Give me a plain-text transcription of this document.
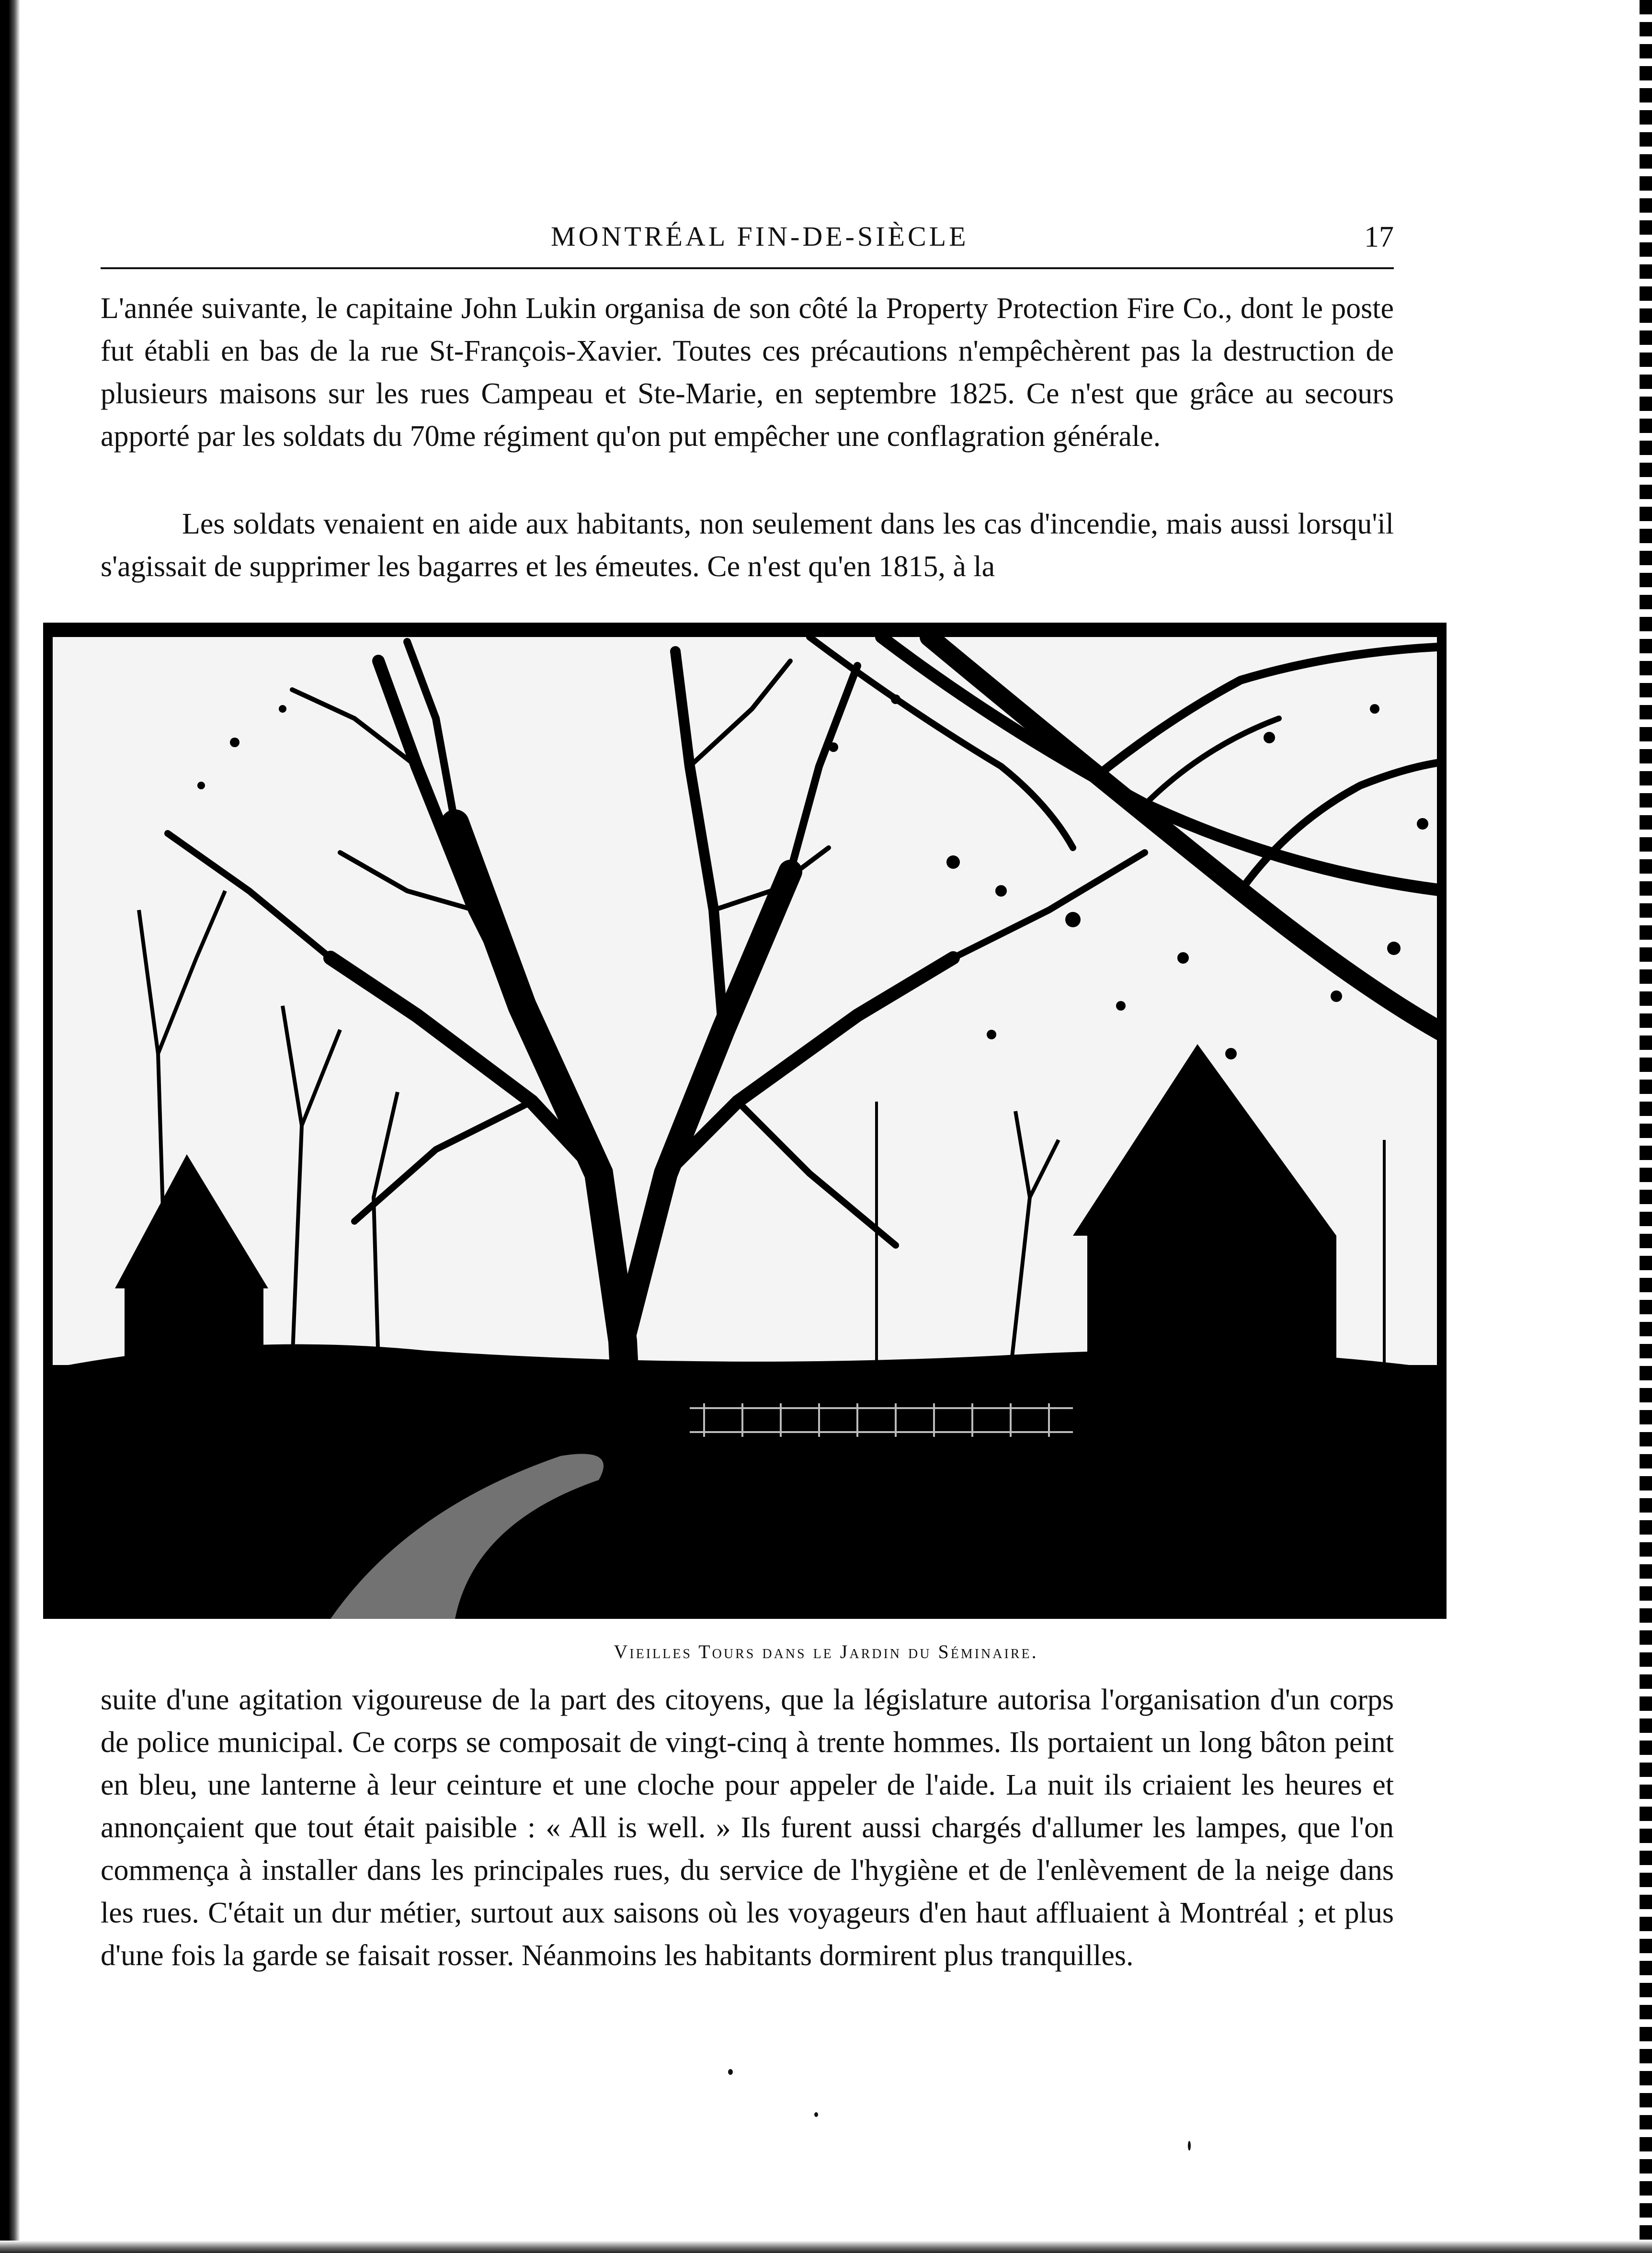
MONTRÉAL FIN-DE-SIÈCLE	17

L'année suivante, le capitaine John Lukin organisa de son côté la Property Protection Fire Co., dont le poste fut établi en bas de la rue St-François-Xavier. Toutes ces précautions n'empêchèrent pas la destruction de plusieurs maisons sur les rues Campeau et Ste-Marie, en septembre 1825. Ce n'est que grâce au secours apporté par les soldats du 70me régiment qu'on put empêcher une conflagration générale.

Les soldats venaient en aide aux habitants, non seulement dans les cas d'incendie, mais aussi lorsqu'il s'agissait de supprimer les bagarres et les émeutes. Ce n'est qu'en 1815, à la

Vieilles Tours dans le Jardin du Séminaire.

suite d'une agitation vigoureuse de la part des citoyens, que la législature autorisa l'organisation d'un corps de police municipal. Ce corps se composait de vingt-cinq à trente hommes. Ils portaient un long bâton peint en bleu, une lanterne à leur ceinture et une cloche pour appeler de l'aide. La nuit ils criaient les heures et annonçaient que tout était paisible : « All is well. » Ils furent aussi chargés d'allumer les lampes, que l'on commença à installer dans les principales rues, du service de l'hygiène et de l'enlèvement de la neige dans les rues. C'était un dur métier, surtout aux saisons où les voyageurs d'en haut affluaient à Montréal ; et plus d'une fois la garde se faisait rosser. Néanmoins les habitants dormirent plus tranquilles.
